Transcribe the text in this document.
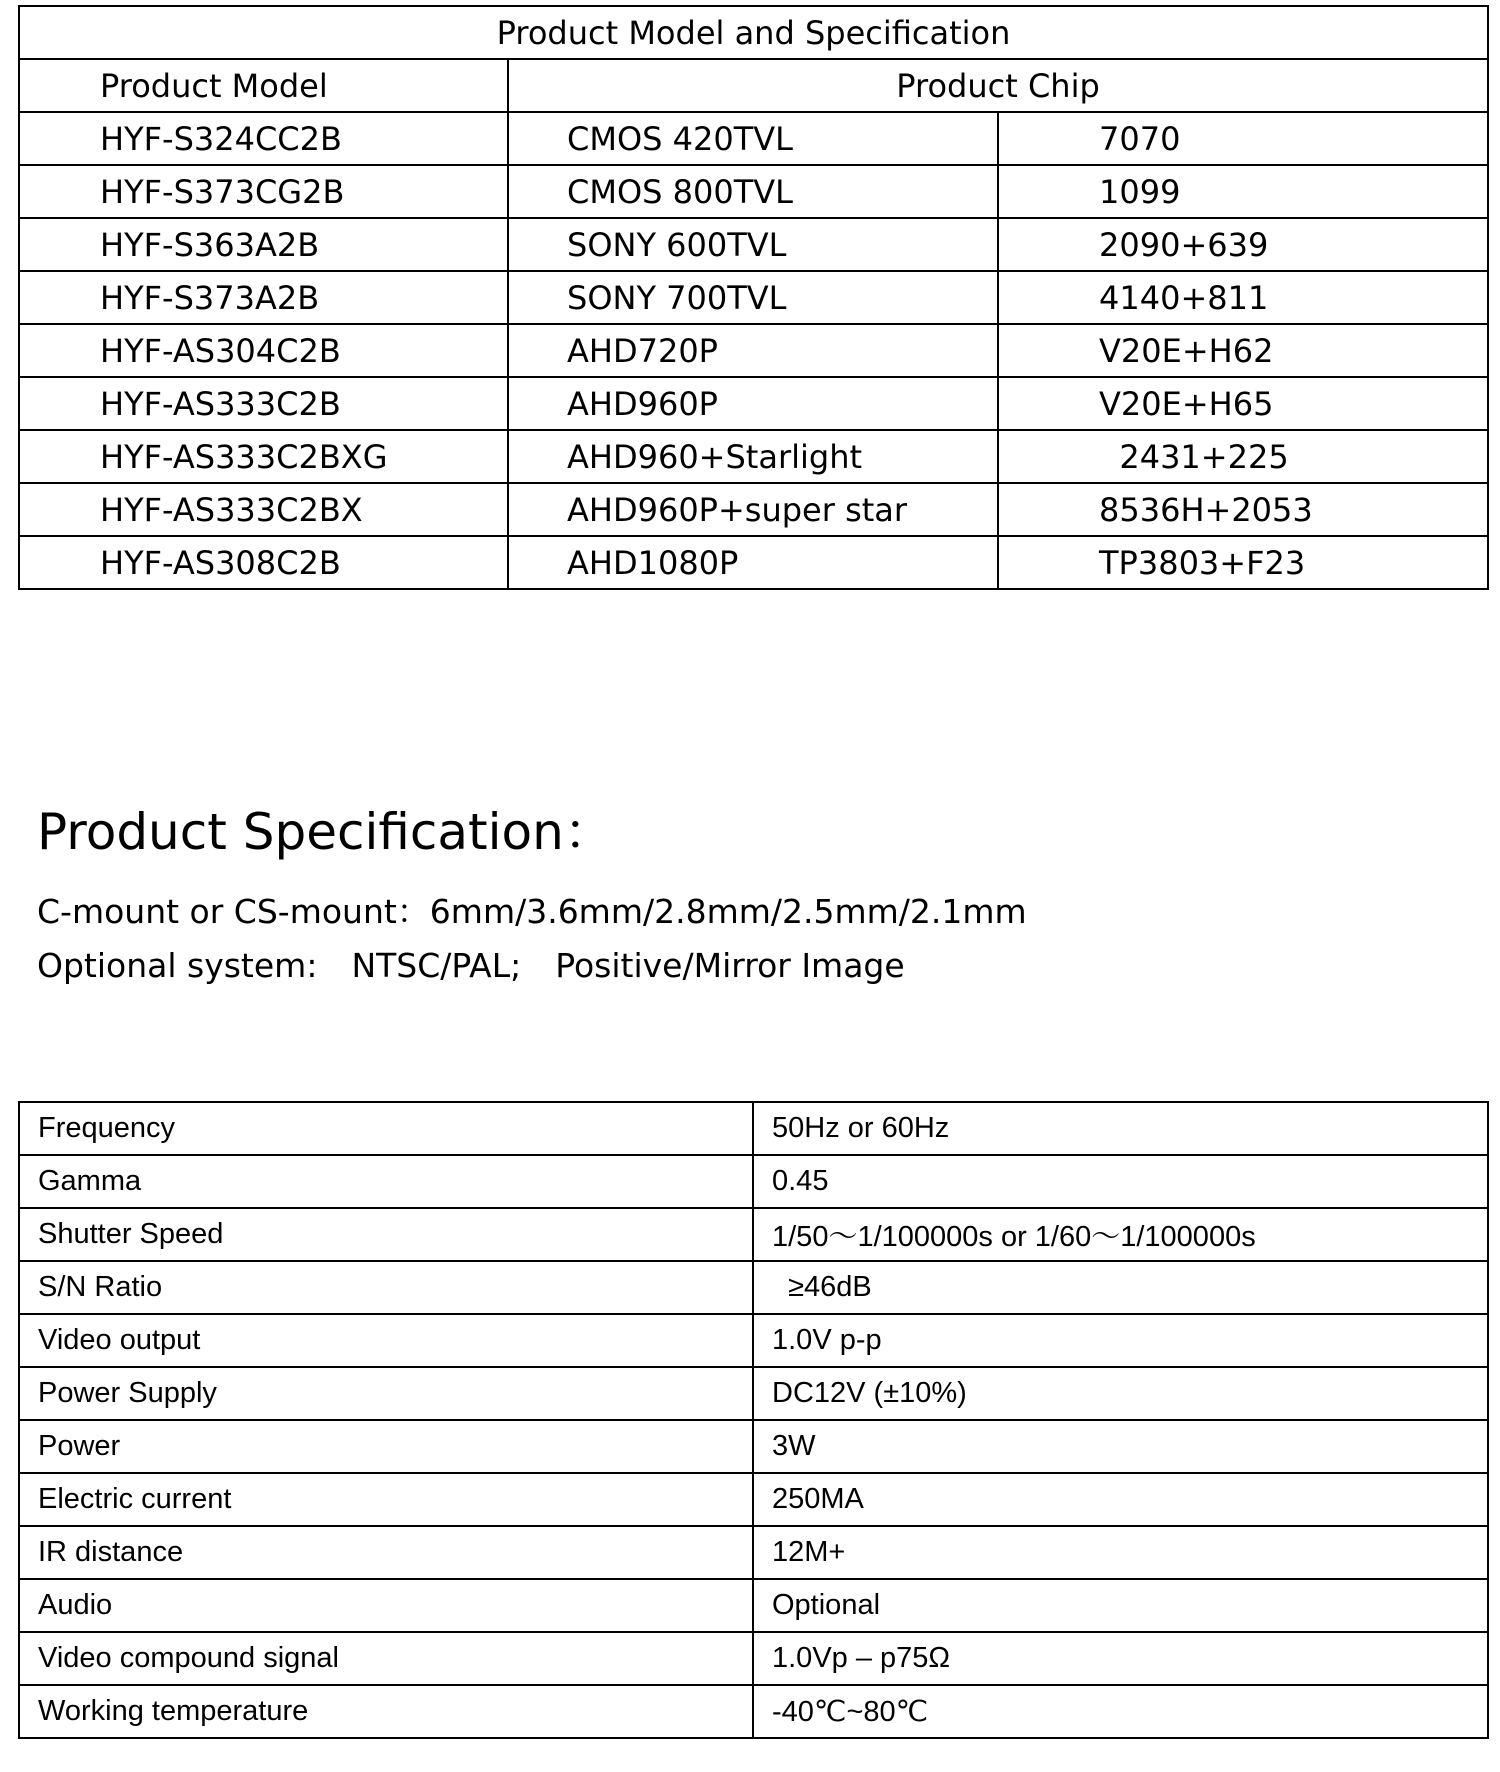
Product Model and Specification		
Product Model	Product Chip	
HYF-S324CC2B	CMOS 420TVL	7070
HYF-S373CG2B	CMOS 800TVL	1099
HYF-S363A2B	SONY 600TVL	2090+639
HYF-S373A2B	SONY 700TVL	4140+811
HYF-AS304C2B	AHD720P	V20E+H62
HYF-AS333C2B	AHD960P	V20E+H65
HYF-AS333C2BXG	AHD960+Starlight	2431+225
HYF-AS333C2BX	AHD960P+super star	8536H+2053
HYF-AS308C2B	AHD1080P	TP3803+F23
Product Specification：

C-mount or CS-mount：6mm/3.6mm/2.8mm/2.5mm/2.1mm

Optional system: NTSC/PAL; Positive/Mirror Image

Frequency	50Hz or 60Hz
Gamma	0.45
Shutter Speed	1/50～1/100000s or 1/60～1/100000s
S/N Ratio	≥46dB
Video output	1.0V p-p
Power Supply	DC12V (±10%)
Power	3W
Electric current	250MA
IR distance	12M+
Audio	Optional
Video compound signal	1.0Vp – p75Ω
Working temperature	-40℃~80℃
